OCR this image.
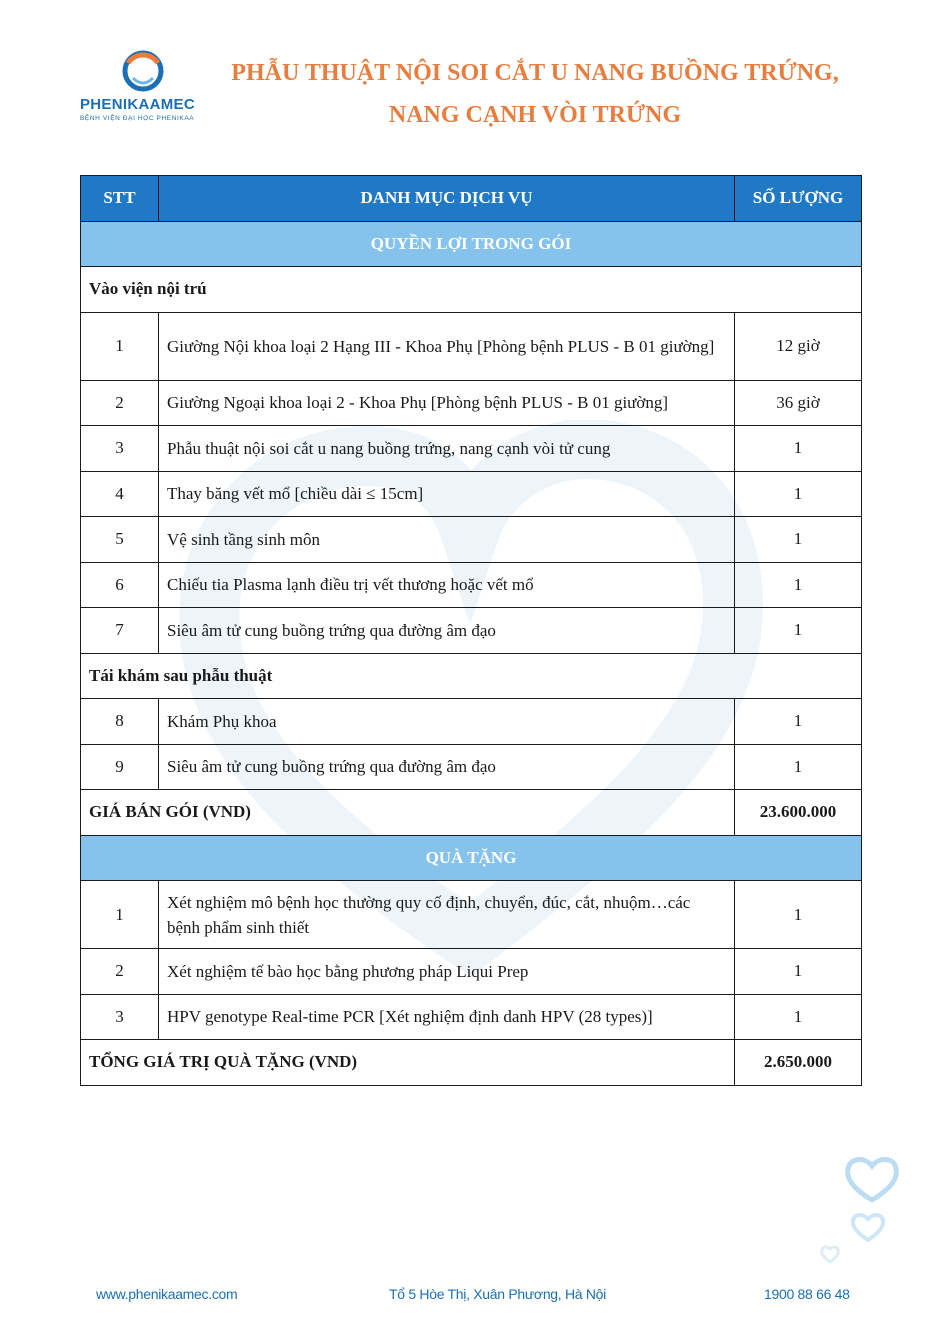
PHENIKAAMEC
BỆNH VIỆN ĐẠI HỌC PHENIKAA
PHẪU THUẬT NỘI SOI CẮT U NANG BUỒNG TRỨNG,
NANG CẠNH VÒI TRỨNG
STT	DANH MỤC DỊCH VỤ	SỐ LƯỢNG
QUYỀN LỢI TRONG GÓI		
Vào viện nội trú		
1	Giường Nội khoa loại 2 Hạng III - Khoa Phụ [Phòng bệnh PLUS - B 01 giường]	12 giờ
2	Giường Ngoại khoa loại 2 - Khoa Phụ [Phòng bệnh PLUS - B 01 giường]	36 giờ
3	Phẫu thuật nội soi cắt u nang buồng trứng, nang cạnh vòi tử cung	1
4	Thay băng vết mổ [chiều dài ≤ 15cm]	1
5	Vệ sinh tầng sinh môn	1
6	Chiếu tia Plasma lạnh điều trị vết thương hoặc vết mổ	1
7	Siêu âm tử cung buồng trứng qua đường âm đạo	1
Tái khám sau phẫu thuật		
8	Khám Phụ khoa	1
9	Siêu âm tử cung buồng trứng qua đường âm đạo	1
GIÁ BÁN GÓI (VND)		23.600.000
QUÀ TẶNG		
1	Xét nghiệm mô bệnh học thường quy cố định, chuyển, đúc, cắt, nhuộm…các bệnh phẩm sinh thiết	1
2	Xét nghiệm tế bào học bằng phương pháp Liqui Prep	1
3	HPV genotype Real-time PCR [Xét nghiệm định danh HPV (28 types)]	1
TỔNG GIÁ TRỊ QUÀ TẶNG (VND)		2.650.000
www.phenikaamec.com	Tổ 5 Hòe Thị, Xuân Phương, Hà Nội	1900 88 66 48
